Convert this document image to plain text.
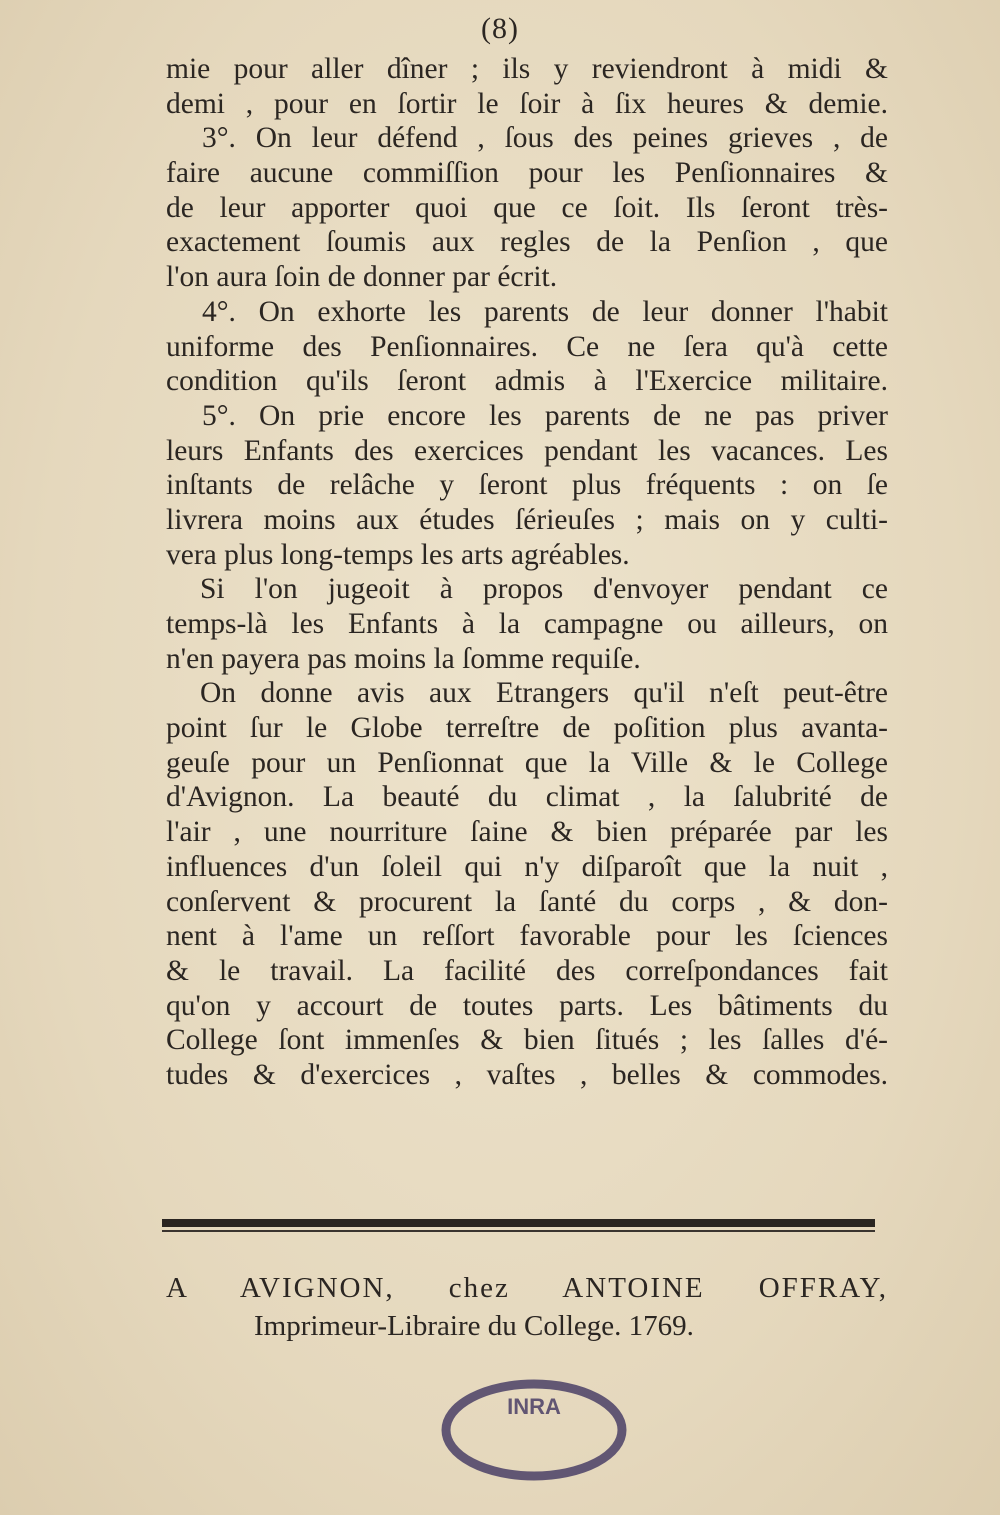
(8)
mie pour aller dîner ; ils y reviendront à midi &
demi , pour en ſortir le ſoir à ſix heures & demie.
3°. On leur défend , ſous des peines grieves , de
faire aucune commiſſion pour les Penſionnaires &
de leur apporter quoi que ce ſoit. Ils ſeront très-
exactement ſoumis aux regles de la Penſion , que
l'on aura ſoin de donner par écrit.
4°. On exhorte les parents de leur donner l'habit
uniforme des Penſionnaires. Ce ne ſera qu'à cette
condition qu'ils ſeront admis à l'Exercice militaire.
5°. On prie encore les parents de ne pas priver
leurs Enfants des exercices pendant les vacances. Les
inſtants de relâche y ſeront plus fréquents : on ſe
livrera moins aux études ſérieuſes ; mais on y culti-
vera plus long-temps les arts agréables.
Si l'on jugeoit à propos d'envoyer pendant ce
temps-là les Enfants à la campagne ou ailleurs, on
n'en payera pas moins la ſomme requiſe.
On donne avis aux Etrangers qu'il n'eſt peut-être
point ſur le Globe terreſtre de poſition plus avanta-
geuſe pour un Penſionnat que la Ville & le College
d'Avignon. La beauté du climat , la ſalubrité de
l'air , une nourriture ſaine & bien préparée par les
influences d'un ſoleil qui n'y diſparoît que la nuit ,
conſervent & procurent la ſanté du corps , & don-
nent à l'ame un reſſort favorable pour les ſciences
& le travail. La facilité des correſpondances fait
qu'on y accourt de toutes parts. Les bâtiments du
College ſont immenſes & bien ſitués ; les ſalles d'é-
tudes & d'exercices , vaſtes , belles & commodes.
A AVIGNON, chez ANTOINE OFFRAY,
Imprimeur-Libraire du College. 1769.
INRA
